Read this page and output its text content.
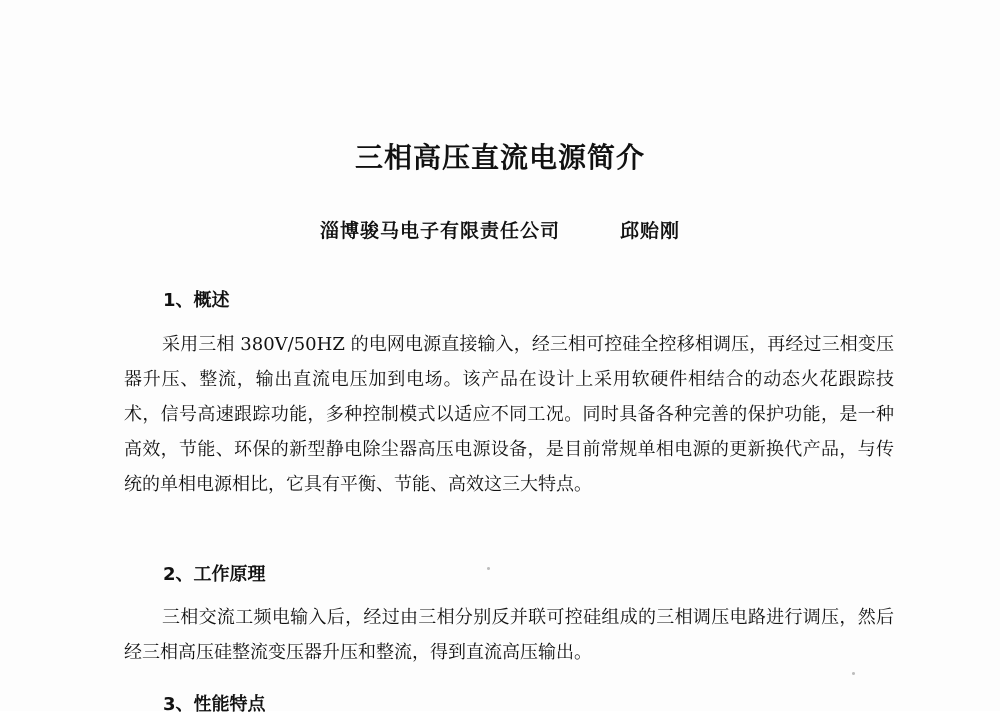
三相高压直流电源简介
淄博骏马电子有限责任公司	邱贻刚
1、概述

采用三相 380V/50HZ 的电网电源直接输入，经三相可控硅全控移相调压，再经过三相变压器升压、整流，输出直流电压加到电场。该产品在设计上采用软硬件相结合的动态火花跟踪技术，信号高速跟踪功能，多种控制模式以适应不同工况。同时具备各种完善的保护功能，是一种高效，节能、环保的新型静电除尘器高压电源设备，是目前常规单相电源的更新换代产品，与传统的单相电源相比，它具有平衡、节能、高效这三大特点。

2、工作原理

三相交流工频电输入后，经过由三相分别反并联可控硅组成的三相调压电路进行调压，然后经三相高压硅整流变压器升压和整流，得到直流高压输出。

3、性能特点
